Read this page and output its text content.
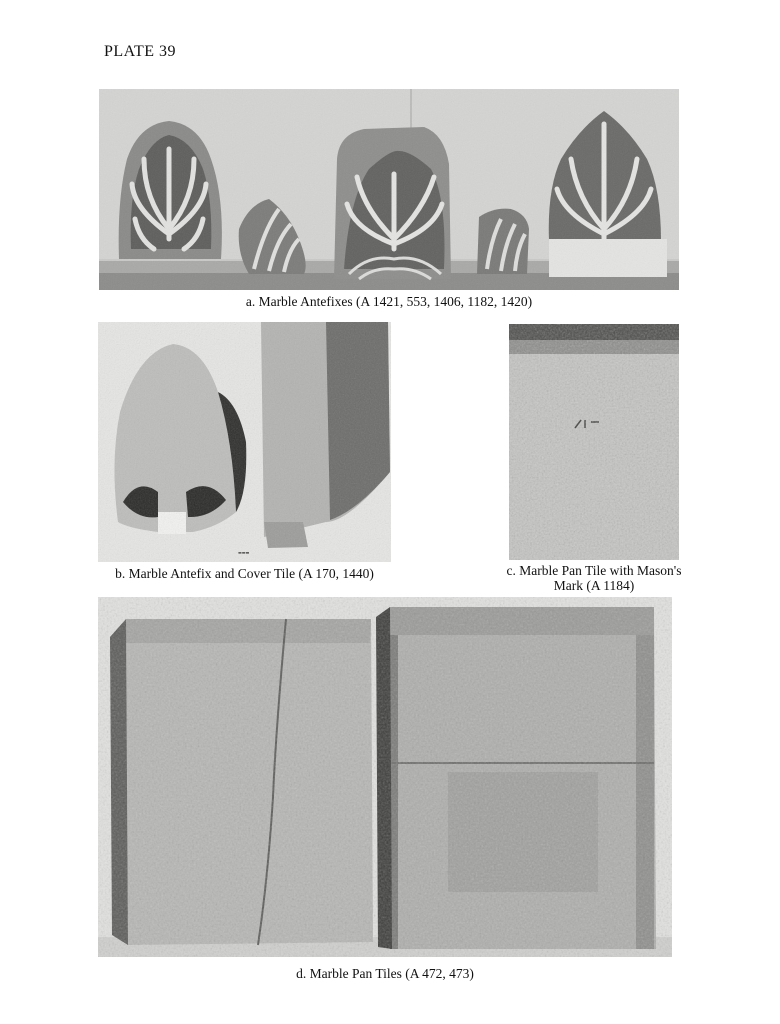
PLATE 39
a. Marble Antefixes (A 1421, 553, 1406, 1182, 1420)
b. Marble Antefix and Cover Tile (A 170, 1440)	c. Marble Pan Tile with Mason's
Mark (A 1184)
d. Marble Pan Tiles (A 472, 473)
